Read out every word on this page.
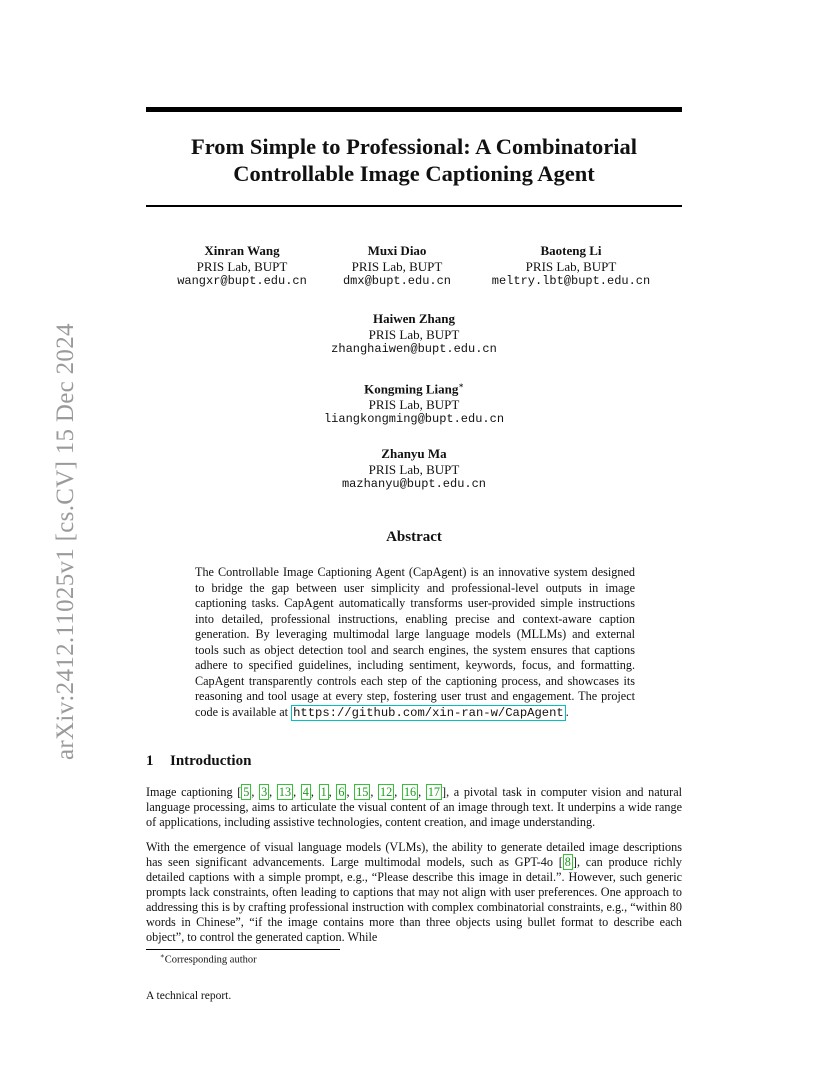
arXiv:2412.11025v1 [cs.CV] 15 Dec 2024
From Simple to Professional: A Combinatorial
Controllable Image Captioning Agent
Xinran Wang
PRIS Lab, BUPT
wangxr@bupt.edu.cn
Muxi Diao
PRIS Lab, BUPT
dmx@bupt.edu.cn
Baoteng Li
PRIS Lab, BUPT
meltry.lbt@bupt.edu.cn
Haiwen Zhang
PRIS Lab, BUPT
zhanghaiwen@bupt.edu.cn
Kongming Liang∗
PRIS Lab, BUPT
liangkongming@bupt.edu.cn
Zhanyu Ma
PRIS Lab, BUPT
mazhanyu@bupt.edu.cn
Abstract
The Controllable Image Captioning Agent (CapAgent) is an innovative system designed to bridge the gap between user simplicity and professional-level outputs in image captioning tasks. CapAgent automatically transforms user-provided simple instructions into detailed, professional instructions, enabling precise and context-aware caption generation. By leveraging multimodal large language models (MLLMs) and external tools such as object detection tool and search engines, the system ensures that captions adhere to specified guidelines, including sentiment, keywords, focus, and formatting. CapAgent transparently controls each step of the captioning process, and showcases its reasoning and tool usage at every step, fostering user trust and engagement. The project code is available at https://github.com/xin-ran-w/CapAgent .
1 Introduction
Image captioning [ 5 , 3 , 13 , 4 , 1 , 6 , 15 , 12 , 16 , 17 ], a pivotal task in computer vision and natural language processing, aims to articulate the visual content of an image through text. It underpins a wide range of applications, including assistive technologies, content creation, and image understanding.
With the emergence of visual language models (VLMs), the ability to generate detailed image descriptions has seen significant advancements. Large multimodal models, such as GPT-4o [ 8 ], can produce richly detailed captions with a simple prompt, e.g., “Please describe this image in detail.”. However, such generic prompts lack constraints, often leading to captions that may not align with user preferences. One approach to addressing this is by crafting professional instruction with complex combinatorial constraints, e.g., “within 80 words in Chinese”, “if the image contains more than three objects using bullet format to describe each object”, to control the generated caption. While
∗Corresponding author
A technical report.
